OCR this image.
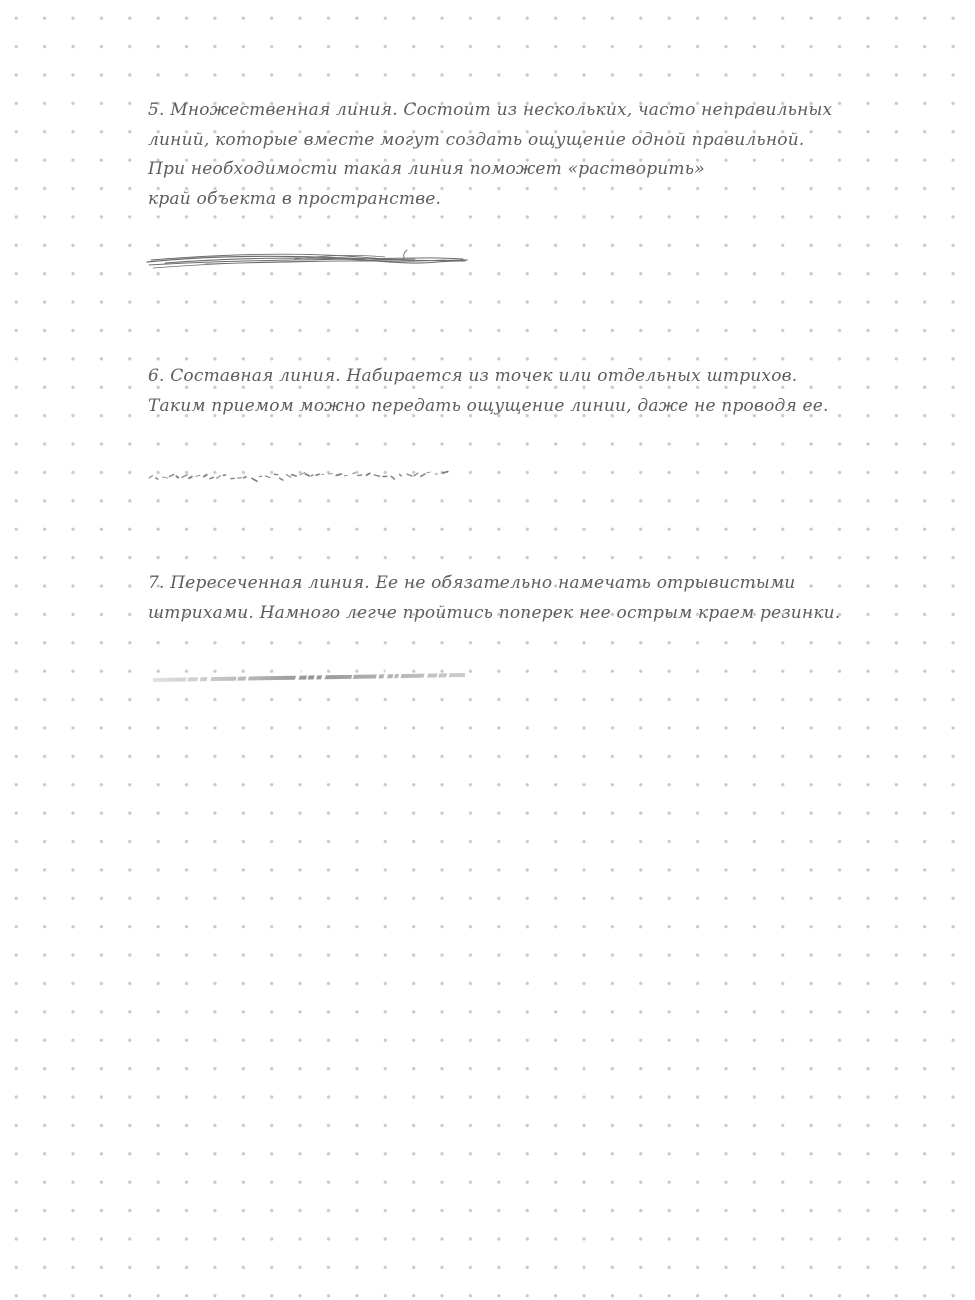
5. Множественная линия. Состоит из нескольких, часто неправильных

линий, которые вместе могут создать ощущение одной правильной.

При необходимости такая линия поможет «растворить»

край объекта в пространстве.

6. Составная линия. Набирается из точек или отдельных штрихов.

Таким приемом можно передать ощущение линии, даже не проводя ее.

7. Пересеченная линия. Ее не обязательно намечать отрывистыми

штрихами. Намного легче пройтись поперек нее острым краем резинки.
